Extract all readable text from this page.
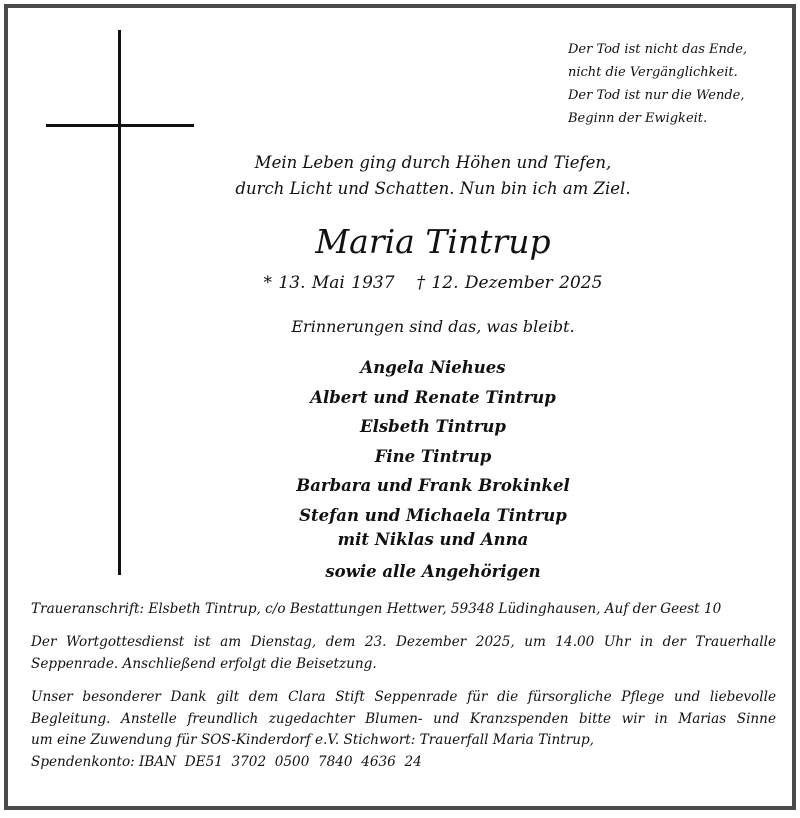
Der Tod ist nicht das Ende,
nicht die Vergänglichkeit.
Der Tod ist nur die Wende,
Beginn der Ewigkeit.
Mein Leben ging durch Höhen und Tiefen,
durch Licht und Schatten. Nun bin ich am Ziel.
Maria Tintrup
* 13. Mai 1937 † 12. Dezember 2025
Erinnerungen sind das, was bleibt.
Angela Niehues
Albert und Renate Tintrup
Elsbeth Tintrup
Fine Tintrup
Barbara und Frank Brokinkel
Stefan und Michaela Tintrup
mit Niklas und Anna
sowie alle Angehörigen
Traueranschrift: Elsbeth Tintrup, c/o Bestattungen Hettwer, 59348 Lüdinghausen, Auf der Geest 10
Der Wortgottesdienst ist am Dienstag, dem 23. Dezember 2025, um 14.00 Uhr in der Trauerhalle
Seppenrade. Anschließend erfolgt die Beisetzung.
Unser besonderer Dank gilt dem Clara Stift Seppenrade für die fürsorgliche Pflege und liebevolle
Begleitung. Anstelle freundlich zugedachter Blumen- und Kranzspenden bitte wir in Marias Sinne
um eine Zuwendung für SOS-Kinderdorf e.V. Stichwort: Trauerfall Maria Tintrup,
Spendenkonto: IBAN  DE51  3702  0500  7840  4636  24
